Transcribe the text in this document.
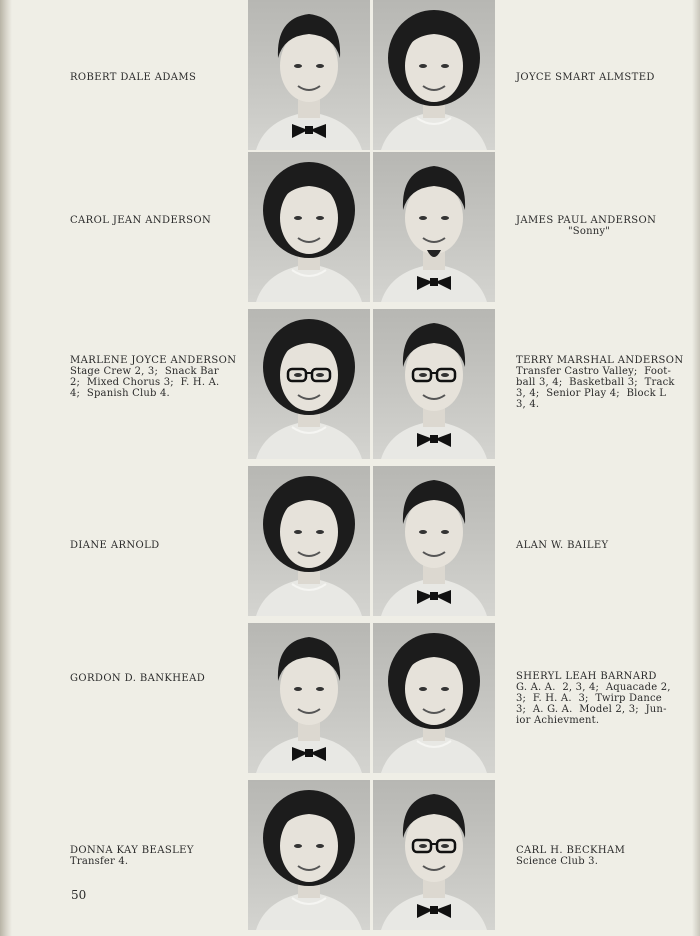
ROBERT DALE ADAMS	JOYCE SMART ALMSTED
CAROL JEAN ANDERSON	JAMES PAUL ANDERSON
"Sonny"
MARLENE JOYCE ANDERSON
Stage Crew 2, 3;  Snack Bar
2;  Mixed Chorus 3;  F. H. A.
4;  Spanish Club 4.
TERRY MARSHAL ANDERSON
Transfer Castro Valley;  Foot-
ball 3, 4;  Basketball 3;  Track
3, 4;  Senior Play 4;  Block L
3, 4.
DIANE ARNOLD	ALAN W. BAILEY
GORDON D. BANKHEAD	SHERYL LEAH BARNARD
G. A. A.  2, 3, 4;  Aquacade 2,
3;  F. H. A.  3;  Twirp Dance
3;  A. G. A.  Model 2, 3;  Jun-
ior Achievment.
DONNA KAY BEASLEY
Transfer 4.
CARL H. BECKHAM
Science Club 3.
50
